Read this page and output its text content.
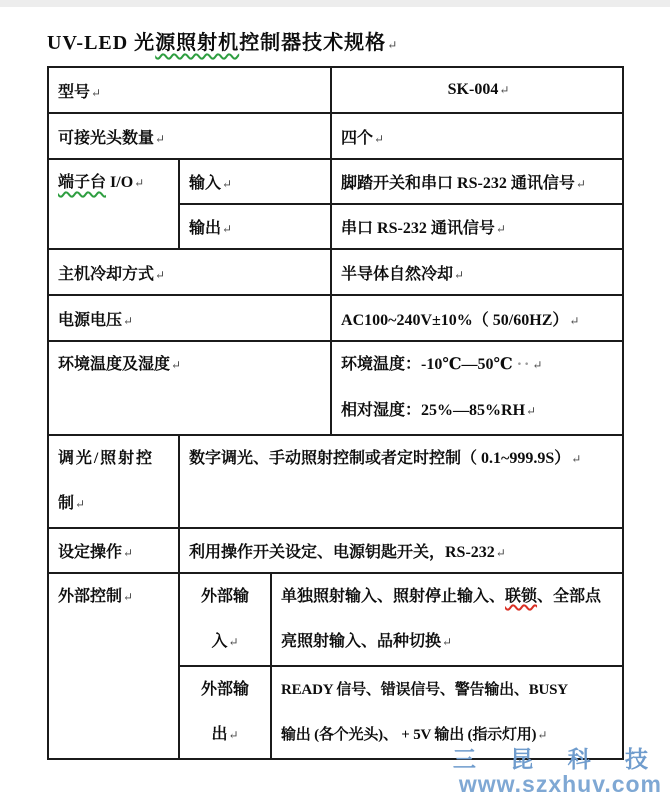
UV-LED 光源照射机控制器技术规格↵
型号↵			SK-004↵
可接光头数量↵			四个↵
端子台 I/O↵	输入↵		脚踏开关和串口 RS-232 通讯信号↵
	输出↵		串口 RS-232 通讯信号↵
主机冷却方式↵			半导体自然冷却↵
电源电压↵			AC100~240V±10%（ 50/60HZ）↵
环境温度及湿度↵			环境温度：-10℃—50℃ ··↵
相对湿度：25%—85%RH↵

调光/照射控制↵	数字调光、手动照射控制或者定时控制（ 0.1~999.9S）↵		
设定操作↵	利用操作开关设定、电源钥匙开关，RS-232↵		
外部控制↵	外部输入↵	单独照射输入、照射停止输入、联锁、全部点亮照射输入、品种切换↵	
	外部输出↵	READY 信号、错误信号、警告输出、BUSY
输出 (各个光头)、 + 5V 输出 (指示灯用)↵	
三 昆 科 技
www.szxhuv.com
